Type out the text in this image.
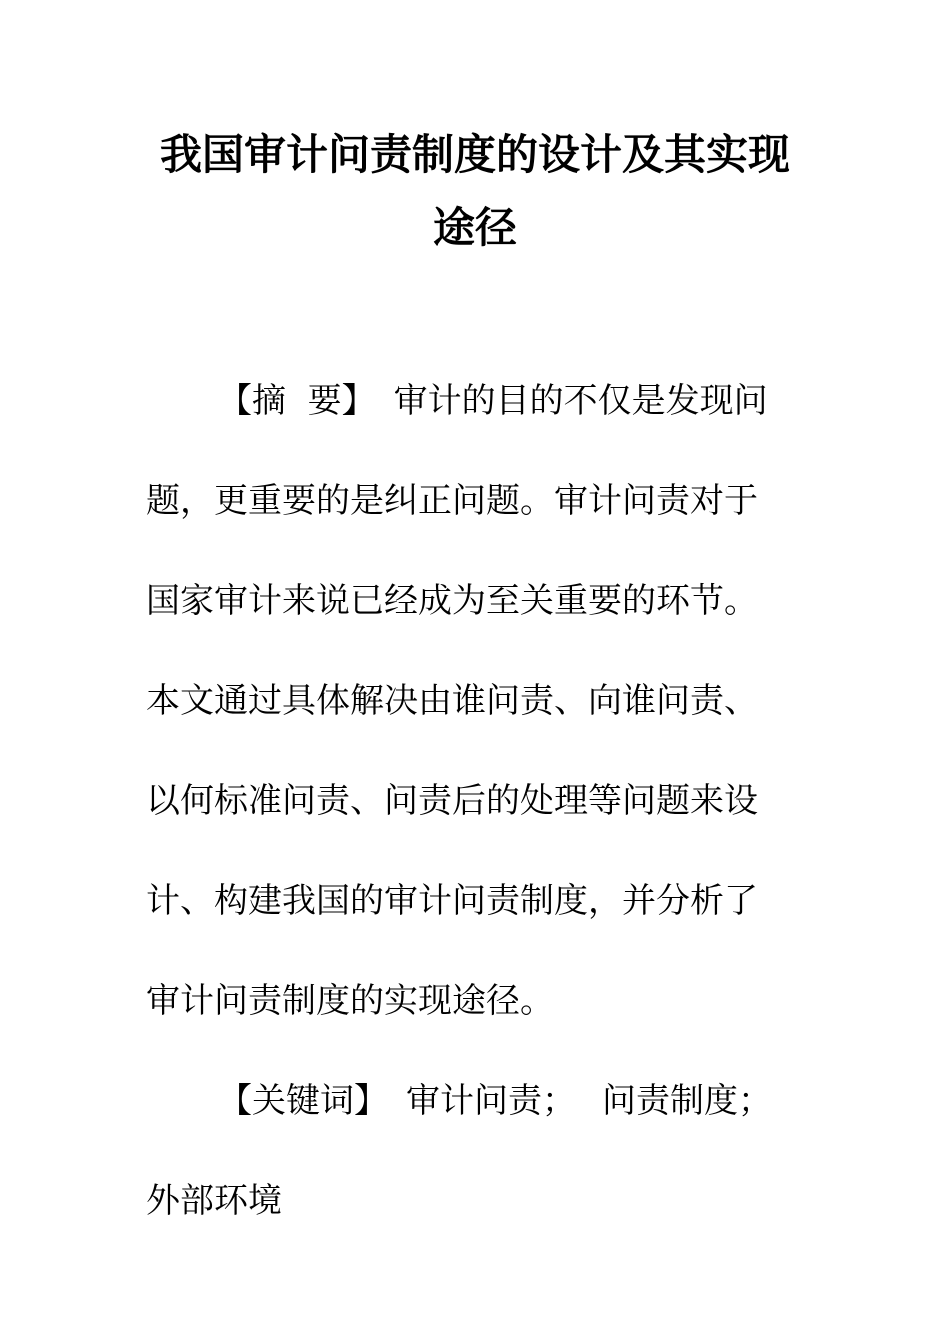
我国审计问责制度的设计及其实现
途径
【摘  要】 审计的目的不仅是发现问
题，更重要的是纠正问题。审计问责对于
国家审计来说已经成为至关重要的环节。
本文通过具体解决由谁问责、向谁问责、
以何标准问责、问责后的处理等问题来设
计、构建我国的审计问责制度，并分析了
审计问责制度的实现途径。
【关键词】 审计问责； 问责制度；
外部环境
